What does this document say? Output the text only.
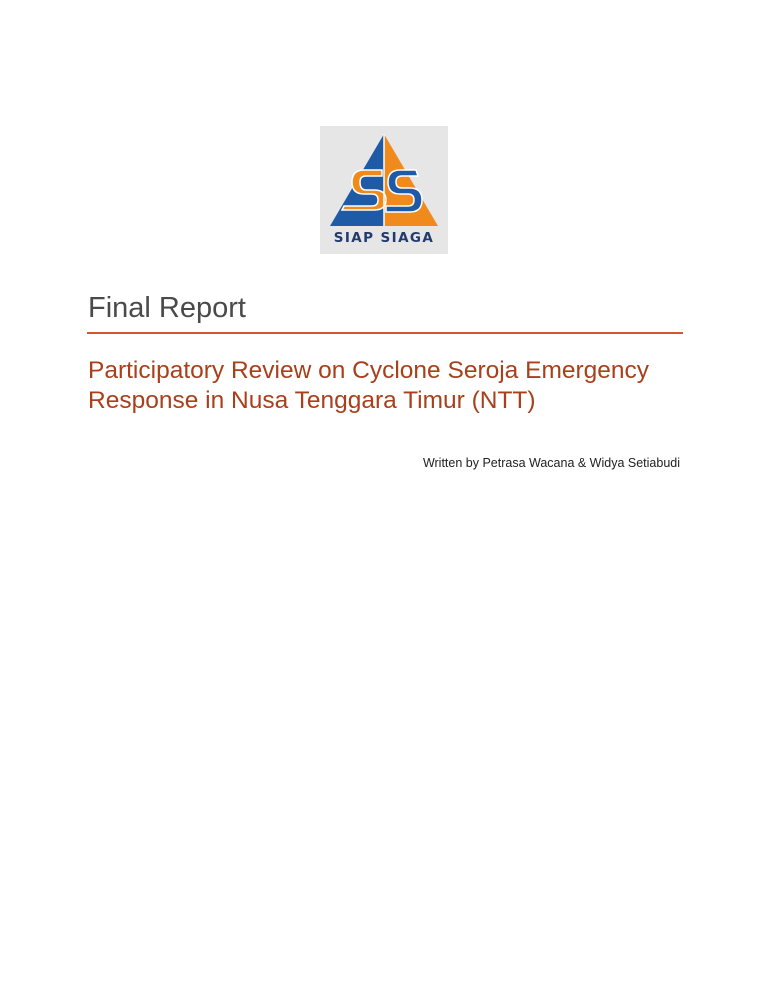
SIAP SIAGA
Final Report
Participatory Review on Cyclone Seroja Emergency
Response in Nusa Tenggara Timur (NTT)
Written by Petrasa Wacana & Widya Setiabudi
